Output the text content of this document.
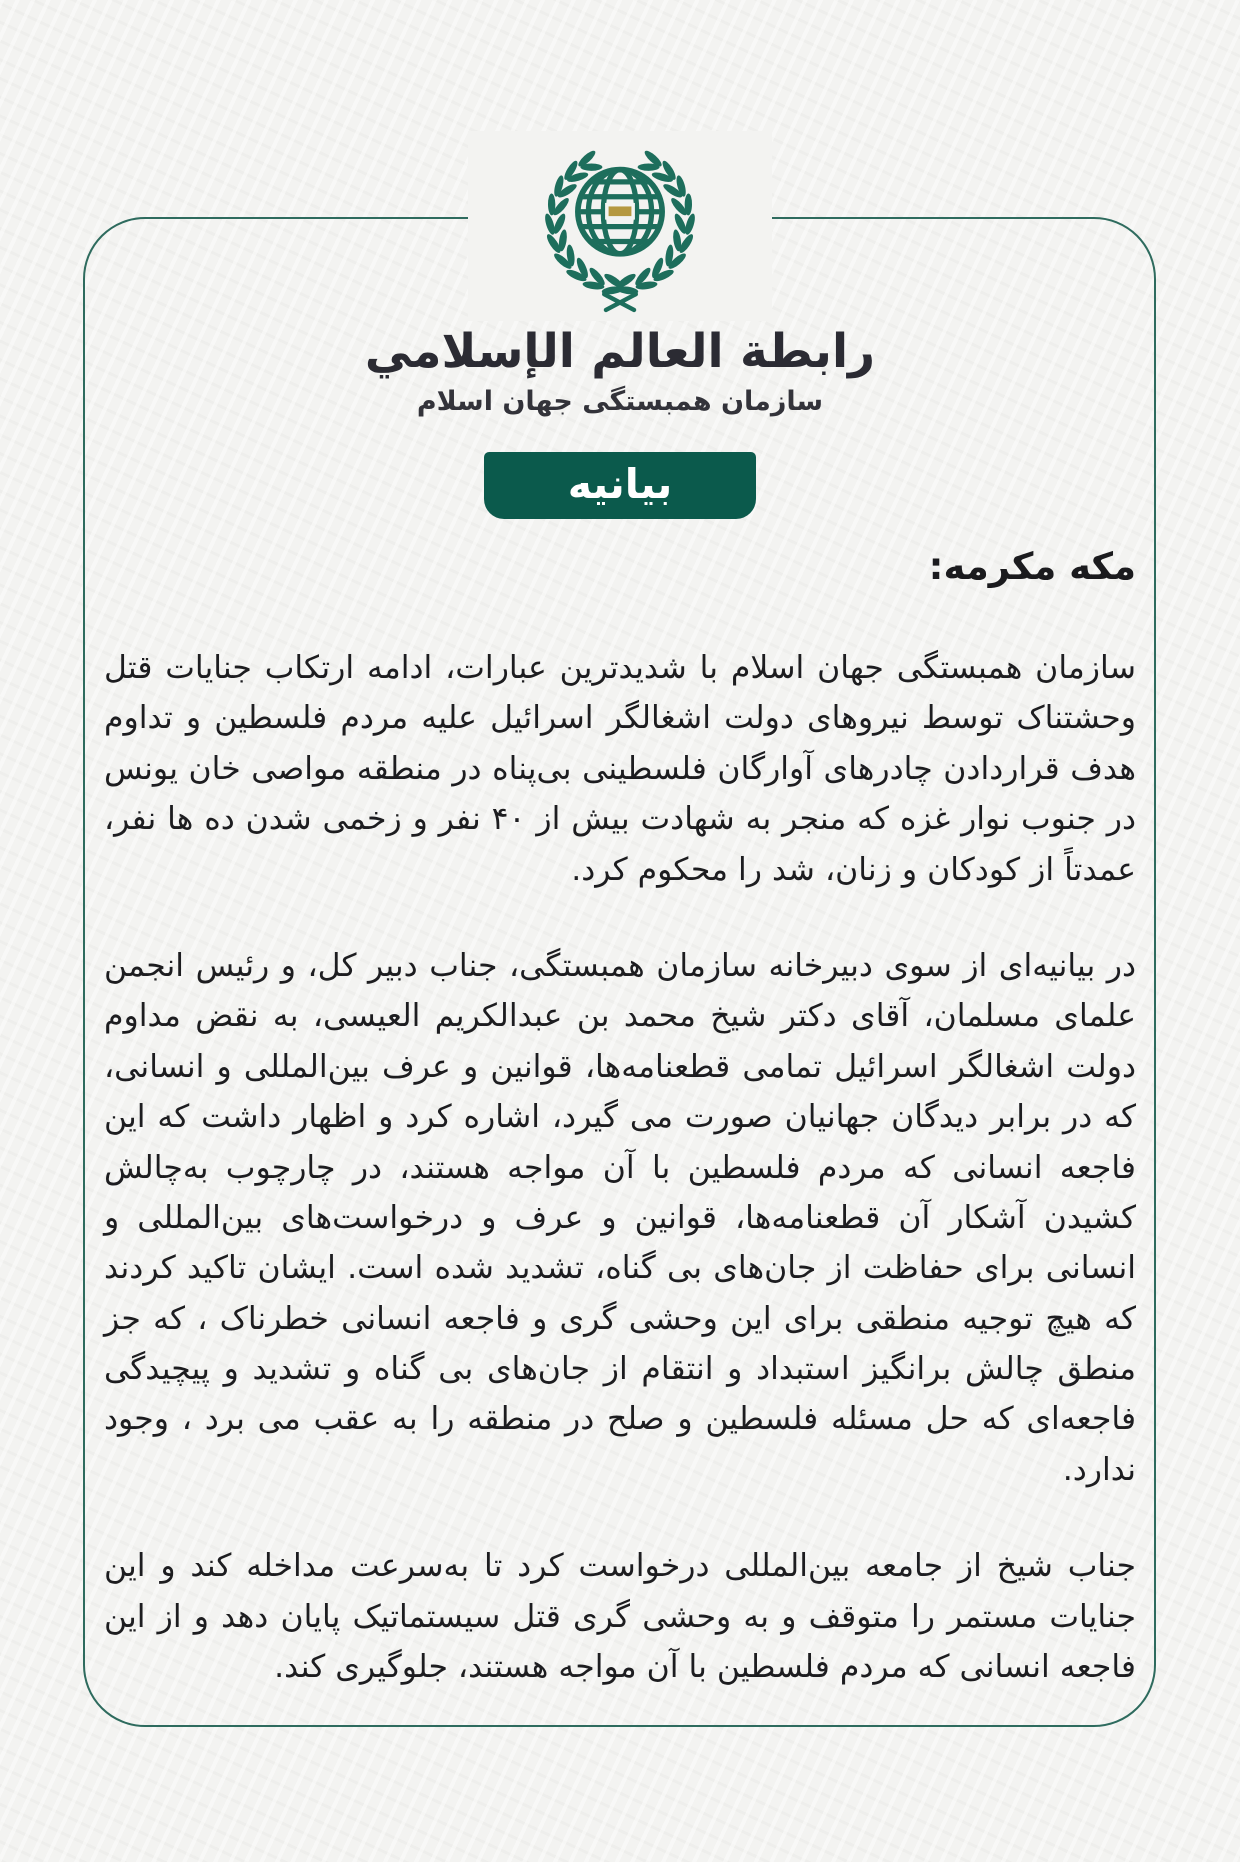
رابطة العالم الإسلامي
سازمان همبستگی جهان اسلام

بیانیه
مکه مکرمه:

سازمان همبستگی جهان اسلام با شدیدترین عبارات، ادامه ارتکاب جنایات قتل وحشتناک توسط نیروهای دولت اشغالگر اسرائیل علیه مردم فلسطین و تداوم هدف قراردادن چادرهای آوارگان فلسطینی بی‌پناه در منطقه مواصی خان یونس در جنوب نوار غزه که منجر به شهادت بیش از ۴۰ نفر و زخمی شدن ده ها نفر، عمدتاً از کودکان و زنان، شد را محکوم کرد.

در بیانیه‌ای از سوی دبیرخانه سازمان همبستگی، جناب دبیر کل، و رئیس انجمن علمای مسلمان، آقای دکتر شیخ محمد بن عبدالکریم العیسی، به نقض مداوم دولت اشغالگر اسرائیل تمامی قطعنامه‌ها، قوانین و عرف بین‌المللی و انسانی، که در برابر دیدگان جهانیان صورت می گیرد، اشاره کرد و اظهار داشت که این فاجعه انسانی که مردم فلسطین با آن مواجه هستند، در چارچوب به‌چالش کشیدن آشکار آن قطعنامه‌ها، قوانین و عرف و درخواست‌های بین‌المللی و انسانی برای حفاظت از جان‌های بی گناه، تشدید شده است. ایشان تاکید کردند که هیچ توجیه منطقی برای این وحشی گری و فاجعه انسانی خطرناک ، که جز منطق چالش برانگیز استبداد و انتقام از جان‌های بی گناه و تشدید و پیچیدگی فاجعه‌ای که حل مسئله فلسطین و صلح در منطقه را به عقب می برد ، وجود ندارد.

جناب شیخ از جامعه بین‌المللی درخواست کرد تا به‌سرعت مداخله کند و این جنایات مستمر را متوقف و به وحشی گری قتل سیستماتیک پایان دهد و از این فاجعه انسانی که مردم فلسطین با آن مواجه هستند، جلوگیری کند.
